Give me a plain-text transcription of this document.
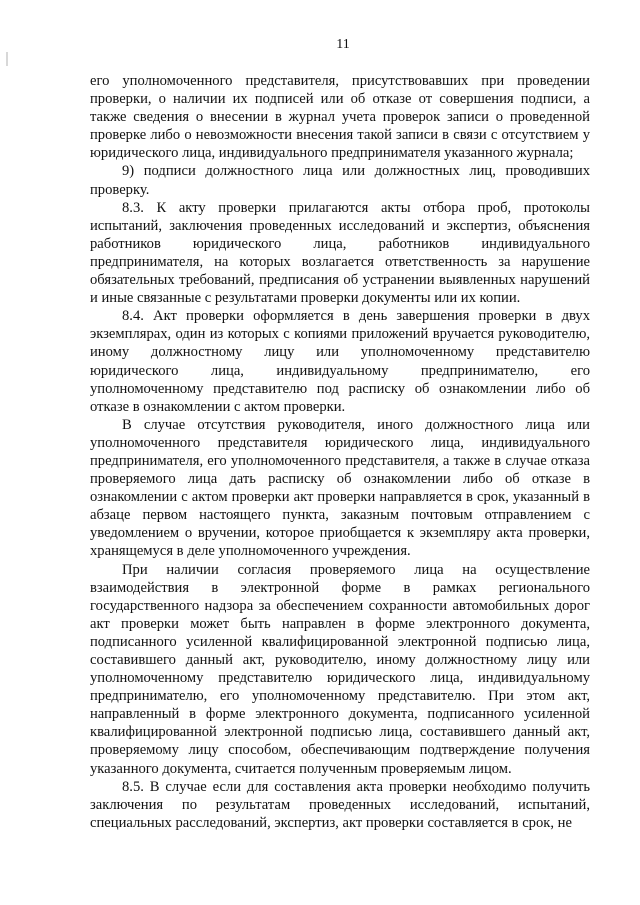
11

его уполномоченного представителя, присутствовавших при проведении проверки, о наличии их подписей или об отказе от совершения подписи, а также сведения о внесении в журнал учета проверок записи о проведенной проверке либо о невозможности внесения такой записи в связи с отсутствием у юридического лица, индивидуального предпринимателя указанного журнала;

9) подписи должностного лица или должностных лиц, проводивших проверку.

8.3. К акту проверки прилагаются акты отбора проб, протоколы испытаний, заключения проведенных исследований и экспертиз, объяснения работников юридического лица, работников индивидуального предпринимателя, на которых возлагается ответственность за нарушение обязательных требований, предписания об устранении выявленных нарушений и иные связанные с результатами проверки документы или их копии.

8.4. Акт проверки оформляется в день завершения проверки в двух экземплярах, один из которых с копиями приложений вручается руководителю, иному должностному лицу или уполномоченному представителю юридического лица, индивидуальному предпринимателю, его уполномоченному представителю под расписку об ознакомлении либо об отказе в ознакомлении с актом проверки.

В случае отсутствия руководителя, иного должностного лица или уполномоченного представителя юридического лица, индивидуального предпринимателя, его уполномоченного представителя, а также в случае отказа проверяемого лица дать расписку об ознакомлении либо об отказе в ознакомлении с актом проверки акт проверки направляется в срок, указанный в абзаце первом настоящего пункта, заказным почтовым отправлением с уведомлением о вручении, которое приобщается к экземпляру акта проверки, хранящемуся в деле уполномоченного учреждения.

При наличии согласия проверяемого лица на осуществление взаимодействия в электронной форме в рамках регионального государственного надзора за обеспечением сохранности автомобильных дорог акт проверки может быть направлен в форме электронного документа, подписанного усиленной квалифицированной электронной подписью лица, составившего данный акт, руководителю, иному должностному лицу или уполномоченному представителю юридического лица, индивидуальному предпринимателю, его уполномоченному представителю. При этом акт, направленный в форме электронного документа, подписанного усиленной квалифицированной электронной подписью лица, составившего данный акт, проверяемому лицу способом, обеспечивающим подтверждение получения указанного документа, считается полученным проверяемым лицом.

8.5. В случае если для составления акта проверки необходимо получить заключения по результатам проведенных исследований, испытаний, специальных расследований, экспертиз, акт проверки составляется в срок, не
